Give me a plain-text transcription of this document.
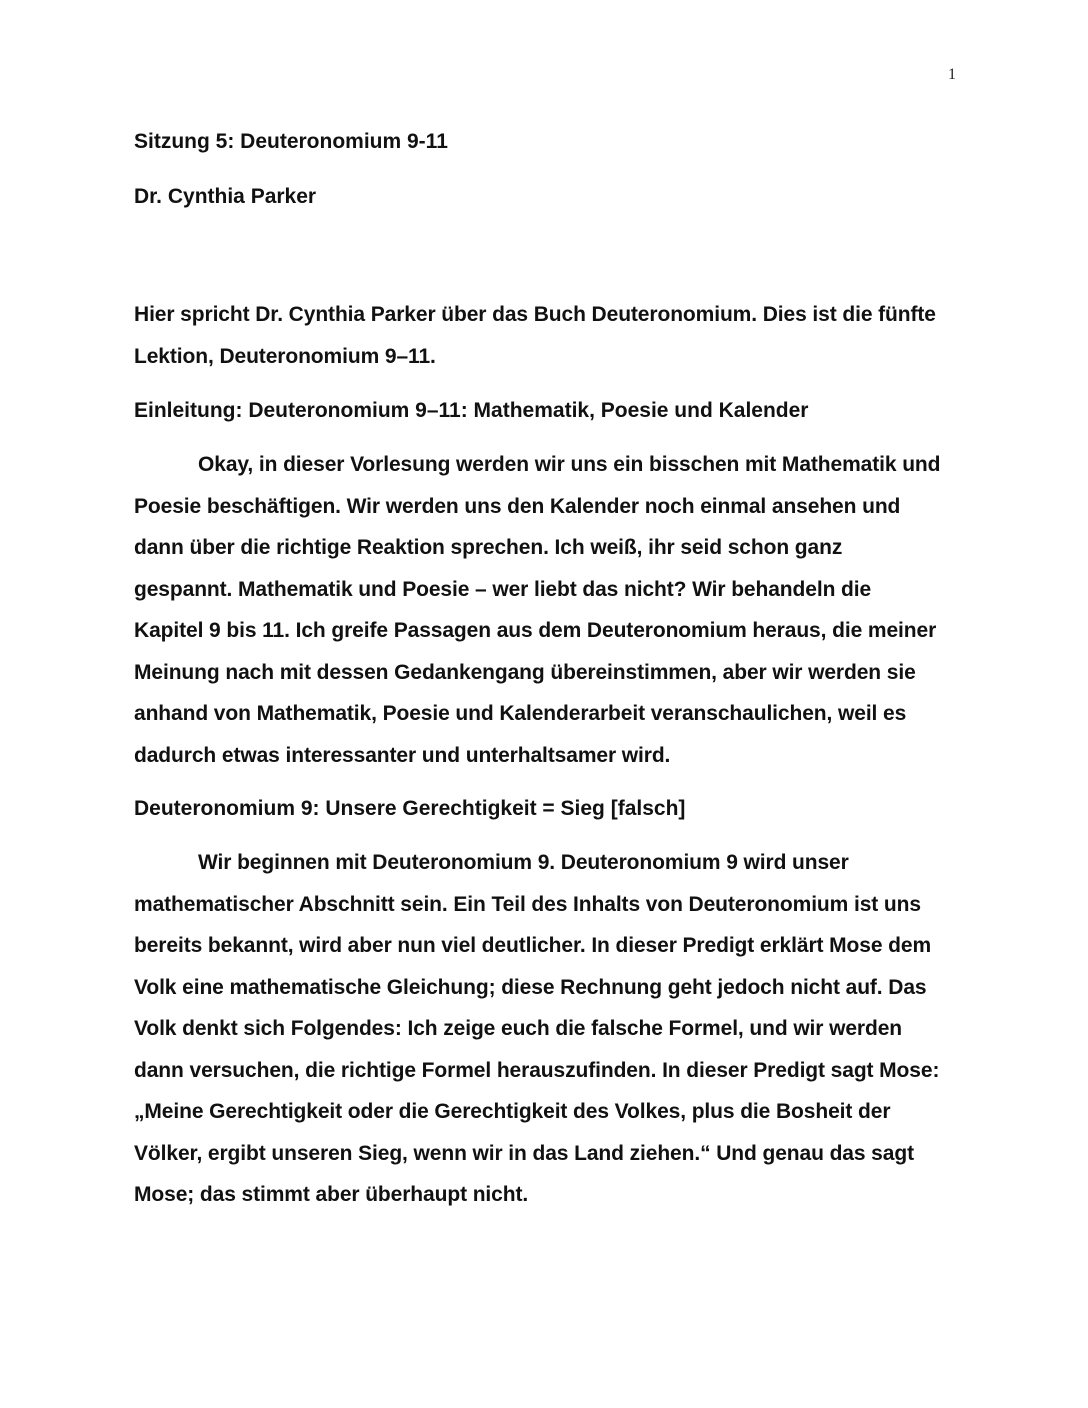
1

Sitzung 5: Deuteronomium 9-11

Dr. Cynthia Parker

Hier spricht Dr. Cynthia Parker über das Buch Deuteronomium. Dies ist die fünfte Lektion, Deuteronomium 9–11.

Einleitung: Deuteronomium 9–11: Mathematik, Poesie und Kalender

Okay, in dieser Vorlesung werden wir uns ein bisschen mit Mathematik und Poesie beschäftigen. Wir werden uns den Kalender noch einmal ansehen und dann über die richtige Reaktion sprechen. Ich weiß, ihr seid schon ganz gespannt. Mathematik und Poesie – wer liebt das nicht? Wir behandeln die Kapitel 9 bis 11. Ich greife Passagen aus dem Deuteronomium heraus, die meiner Meinung nach mit dessen Gedankengang übereinstimmen, aber wir werden sie anhand von Mathematik, Poesie und Kalenderarbeit veranschaulichen, weil es dadurch etwas interessanter und unterhaltsamer wird.

Deuteronomium 9: Unsere Gerechtigkeit = Sieg [falsch]

Wir beginnen mit Deuteronomium 9. Deuteronomium 9 wird unser mathematischer Abschnitt sein. Ein Teil des Inhalts von Deuteronomium ist uns bereits bekannt, wird aber nun viel deutlicher. In dieser Predigt erklärt Mose dem Volk eine mathematische Gleichung; diese Rechnung geht jedoch nicht auf. Das Volk denkt sich Folgendes: Ich zeige euch die falsche Formel, und wir werden dann versuchen, die richtige Formel herauszufinden. In dieser Predigt sagt Mose: „Meine Gerechtigkeit oder die Gerechtigkeit des Volkes, plus die Bosheit der Völker, ergibt unseren Sieg, wenn wir in das Land ziehen.“ Und genau das sagt Mose; das stimmt aber überhaupt nicht.
